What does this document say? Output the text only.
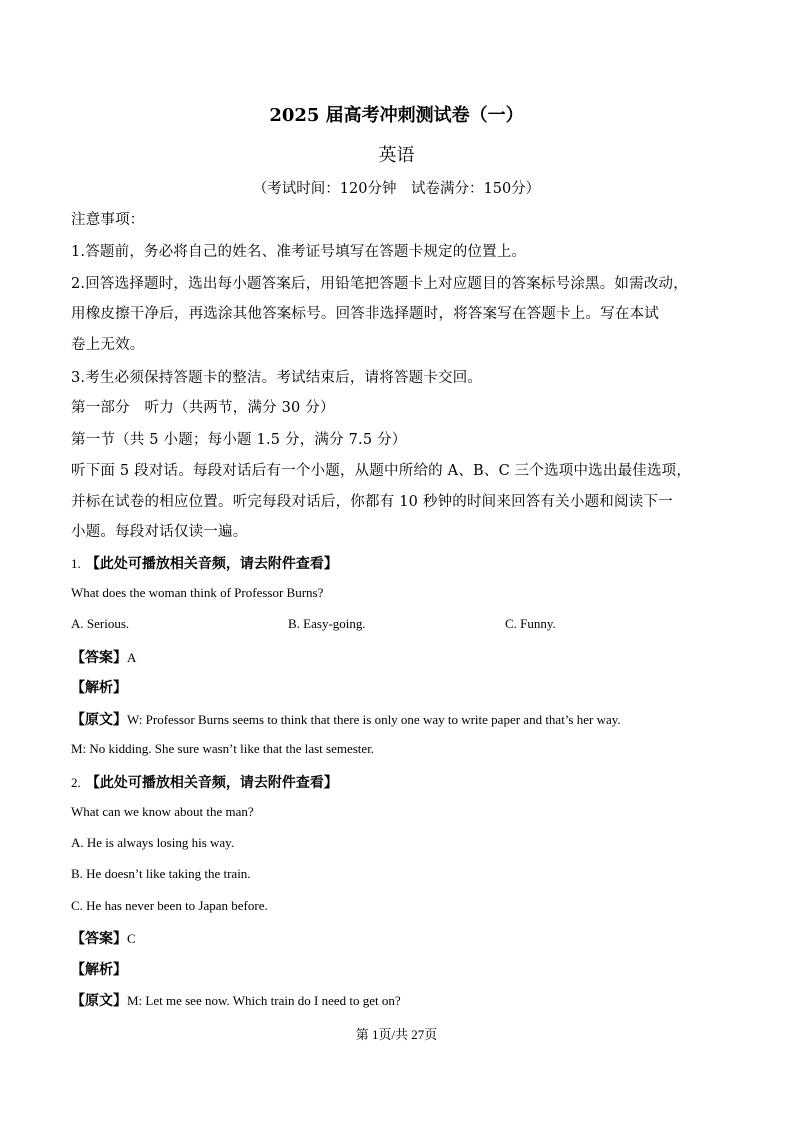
2025 届高考冲刺测试卷（一）
英语
（考试时间：120分钟　试卷满分：150分）
注意事项：
1.答题前，务必将自己的姓名、准考证号填写在答题卡规定的位置上。
2.回答选择题时，选出每小题答案后，用铅笔把答题卡上对应题目的答案标号涂黑。如需改动，
用橡皮擦干净后，再选涂其他答案标号。回答非选择题时，将答案写在答题卡上。写在本试
卷上无效。
3.考生必须保持答题卡的整洁。考试结束后，请将答题卡交回。
第一部分　听力（共两节，满分 30 分）
第一节（共 5 小题；每小题 1.5 分，满分 7.5 分）
听下面 5 段对话。每段对话后有一个小题，从题中所给的 A、B、C 三个选项中选出最佳选项，
并标在试卷的相应位置。听完每段对话后，你都有 10 秒钟的时间来回答有关小题和阅读下一
小题。每段对话仅读一遍。
1. 【此处可播放相关音频，请去附件查看】
What does the woman think of Professor Burns?
A. Serious.	B. Easy-going.	C. Funny.
【答案】A
【解析】
【原文】W: Professor Burns seems to think that there is only one way to write paper and that’s her way.
M: No kidding. She sure wasn’t like that the last semester.
2. 【此处可播放相关音频，请去附件查看】
What can we know about the man?
A. He is always losing his way.
B. He doesn’t like taking the train.
C. He has never been to Japan before.
【答案】C
【解析】
【原文】M: Let me see now. Which train do I need to get on?
第 1页/共 27页
